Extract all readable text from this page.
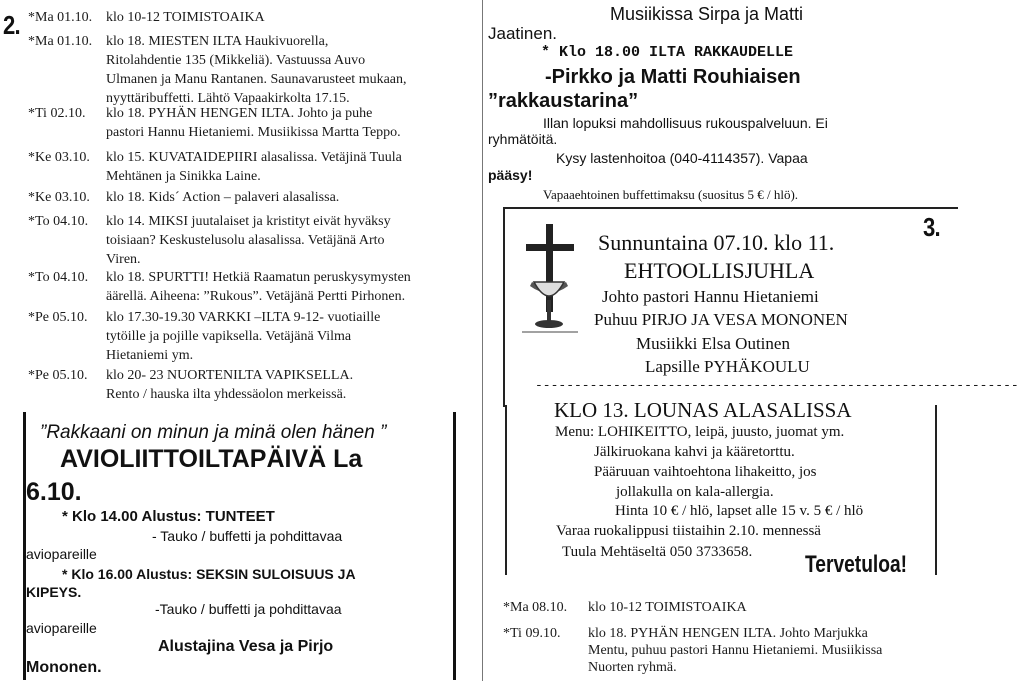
2. *Ma 01.10. klo 10-12 TOIMISTOAIKA
*Ma 01.10. klo 18. MIESTEN ILTA Haukivuorella,
Ritolahdentie 135 (Mikkeliä). Vastuussa Auvo
Ulmanen ja Manu Rantanen. Saunavarusteet mukaan,
nyyttäribuffetti. Lähtö Vapaakirkolta 17.15.
*Ti 02.10. klo 18. PYHÄN HENGEN ILTA. Johto ja puhe
pastori Hannu Hietaniemi. Musiikissa Martta Teppo.
*Ke 03.10. klo 15. KUVATAIDEPIIRI alasalissa. Vetäjinä Tuula
Mehtänen ja Sinikka Laine.
*Ke 03.10. klo 18. Kids´ Action – palaveri alasalissa.
*To 04.10. klo 14. MIKSI juutalaiset ja kristityt eivät hyväksy
toisiaan? Keskustelusolu alasalissa. Vetäjänä Arto
Viren.
*To 04.10. klo 18. SPURTTI! Hetkiä Raamatun peruskysymysten
äärellä. Aiheena: ”Rukous”. Vetäjänä Pertti Pirhonen.
*Pe 05.10. klo 17.30-19.30 VARKKI –ILTA 9-12- vuotiaille
tytöille ja pojille vapiksella. Vetäjänä Vilma
Hietaniemi ym.
*Pe 05.10. klo 20- 23 NUORTENILTA VAPIKSELLA.
Rento / hauska ilta yhdessäolon merkeissä.
”Rakkaani on minun ja minä olen hänen ”
AVIOLIITTOILTAPÄIVÄ La
6.10.
* Klo 14.00 Alustus: TUNTEET
- Tauko / buffetti ja pohdittavaa
aviopareille
* Klo 16.00 Alustus: SEKSIN SULOISUUS JA
KIPEYS.
-Tauko / buffetti ja pohdittavaa
aviopareille
Alustajina Vesa ja Pirjo
Mononen.
Musiikissa Sirpa ja Matti
Jaatinen.
* Klo 18.00 ILTA RAKKAUDELLE
-Pirkko ja Matti Rouhiaisen
”rakkaustarina”
Illan lopuksi mahdollisuus rukouspalveluun. Ei
ryhmätöitä.
Kysy lastenhoitoa (040-4114357). Vapaa
pääsy!
Vapaaehtoinen buffettimaksu (suositus 5 € / hlö).
Sunnuntaina 07.10. klo 11.
EHTOOLLISJUHLA
Johto pastori Hannu Hietaniemi
Puhuu PIRJO JA VESA MONONEN
Musiikki Elsa Outinen
Lapsille PYHÄKOULU
--------------------------------------------------------------
KLO 13. LOUNAS ALASALISSA
Menu: LOHIKEITTO, leipä, juusto, juomat ym.
Jälkiruokana kahvi ja kääretorttu.
Pääruuan vaihtoehtona lihakeitto, jos
jollakulla on kala-allergia.
Hinta 10 € / hlö, lapset alle 15 v. 5 € / hlö
Varaa ruokalippusi tiistaihin 2.10. mennessä
Tuula Mehtäseltä 050 3733658.
3.
Tervetuloa!
*Ma 08.10. klo 10-12 TOIMISTOAIKA
*Ti 09.10. klo 18. PYHÄN HENGEN ILTA. Johto Marjukka
Mentu, puhuu pastori Hannu Hietaniemi. Musiikissa
Nuorten ryhmä.
